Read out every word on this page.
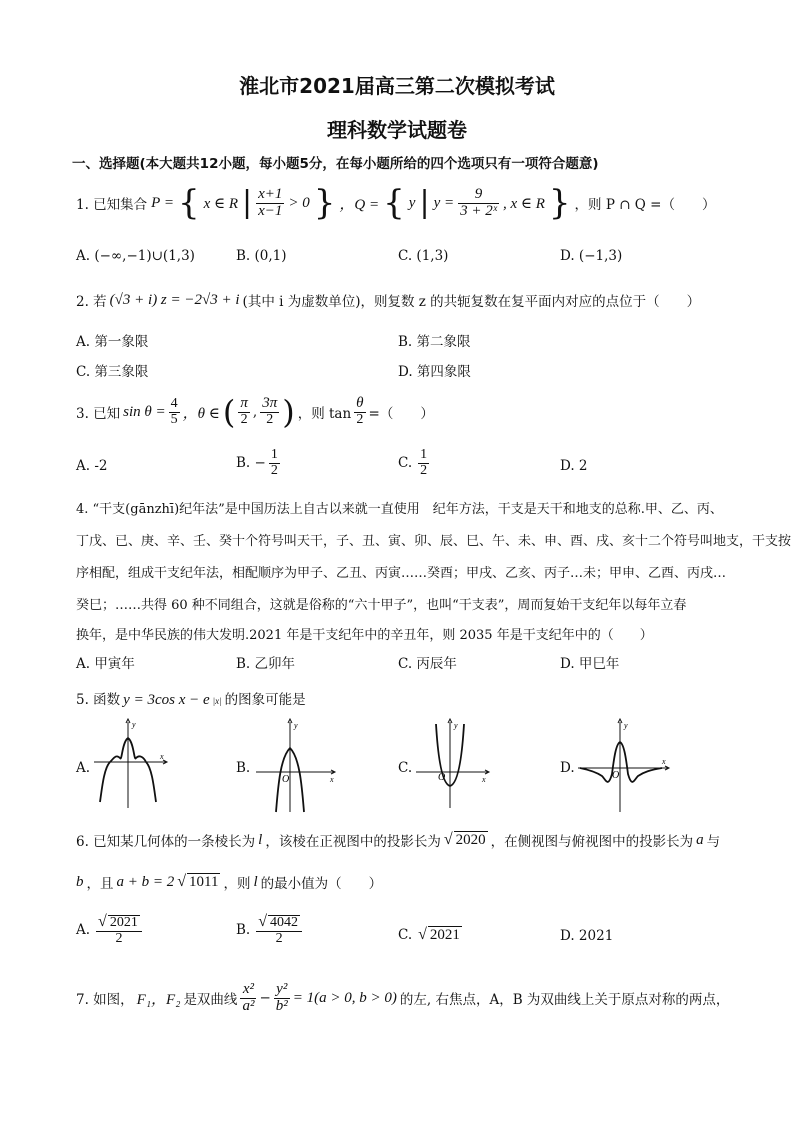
淮北市2021届高三第二次模拟考试
理科数学试题卷
一、选择题(本大题共12小题，每小题5分，在每小题所给的四个选项只有一项符合题意)
1. 已知集合 P = { x ∈ R | $\frac{x+1}{x-1} > 0$ } ，Q = { y | $y = \frac{9}{\text{3 + 2ˣ}}$ , x ∈ R } ，则 P ∩ Q =（　　）
A. (−∞,−1)∪(1,3)	B. (0,1)	C. (1,3)	D. (−1,3)
2. 若 (√3 + i) z = −2√3 + i (其中 i 为虚数单位)，则复数 z 的共轭复数在复平面内对应的点位于（　　）
A. 第一象限	B. 第二象限
C. 第三象限	D. 第四象限
3. 已知 $\sin \theta = \frac{4}{5}$ ，θ ∈ ( $\frac{\pi}{2}$ , $\frac{3\pi}{2}$ ) ，则 $\tan \frac{\theta}{2}$ =（　　）
A. -2	B. − $\frac{1}{2}$	C. $\frac{1}{2}$	D. 2
4. “干支(gānzhī)纪年法”是中国历法上自古以来就一直使用　纪年方法，干支是天干和地支的总称.甲、乙、丙、
丁戊、已、庚、辛、壬、癸十个符号叫天干，子、丑、寅、卯、辰、巳、午、未、申、酉、戌、亥十二个符号叫地支，干支按
序相配，组成干支纪年法，相配顺序为甲子、乙丑、丙寅……癸酉；甲戌、乙亥、丙子…未；甲申、乙酉、丙戌…
癸巳；……共得 60 种不同组合，这就是俗称的“六十甲子”，也叫“干支表”，周而复始干支纪年以每年立春
换年，是中华民族的伟大发明.2021 年是干支纪年中的辛丑年，则 2035 年是干支纪年中的（　　）
A. 甲寅年	B. 乙卯年	C. 丙辰年	D. 甲巳年
5. 函数 y = 3cos x − e |x| 的图象可能是
A.	B.	C.	D.
y
x
y
x
O
y
x
O
y
x
O
6. 已知某几何体的一条棱长为 l ，该棱在正视图中的投影长为 √ 2020 ，在侧视图与俯视图中的投影长为 a 与
b ，且 a + b = 2 √ 1011 ，则 l 的最小值为（　　）
A. $\frac{√ 2021}{2}$	B. $\frac{√ 4042}{2}$	C. √ 2021	D. 2021
7. 如图， F₁，F₂ 是双曲线 $\frac{\text{x²}}{\text{a²}} - \frac{\text{y²}}{\text{b²}} = 1(a > 0$, b > 0) 的左, 右焦点，A，B 为双曲线上关于原点对称的两点，
